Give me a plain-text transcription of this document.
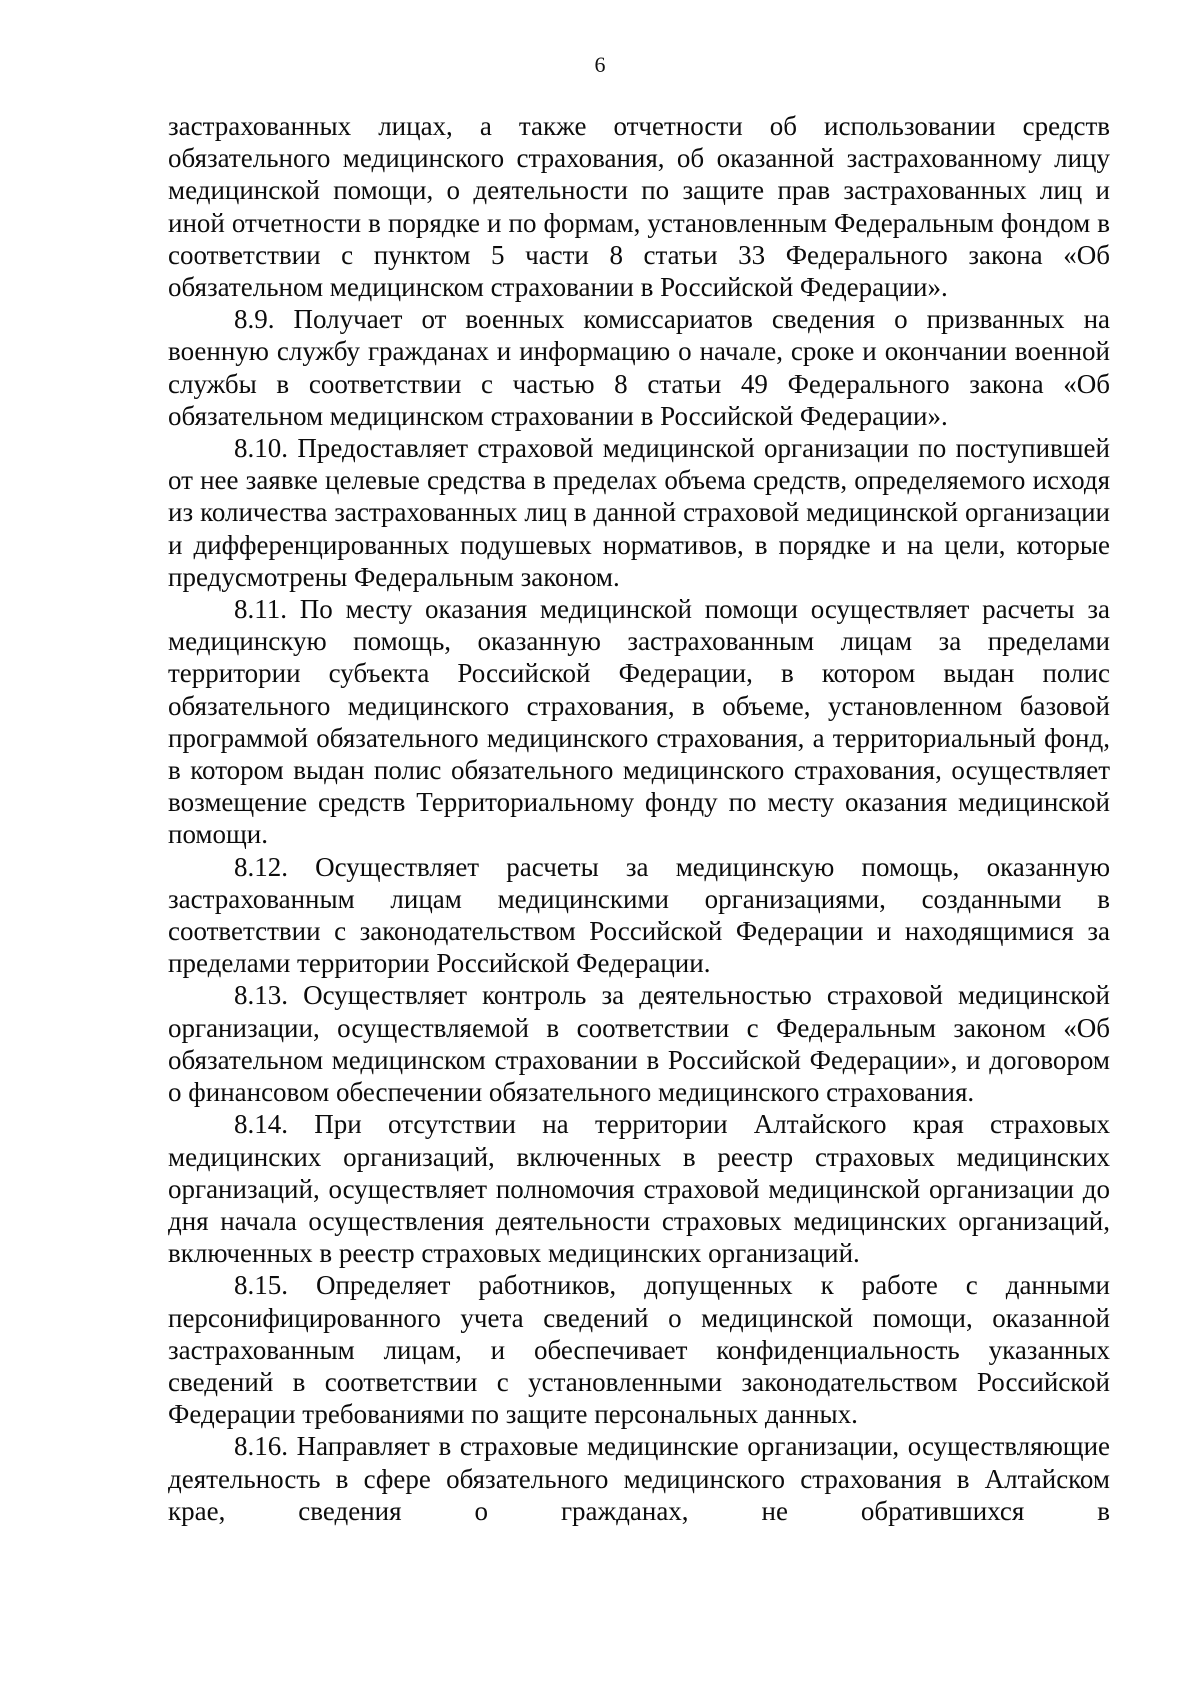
6

застрахованных лицах, а также отчетности об использовании средств обязательного медицинского страхования, об оказанной застрахованному лицу медицинской помощи, о деятельности по защите прав застрахованных лиц и иной отчетности в порядке и по формам, установленным Федеральным фондом в соответствии с пунктом 5 части 8 статьи 33 Федерального закона «Об обязательном медицинском страховании в Российской Федерации».

8.9. Получает от военных комиссариатов сведения о призванных на военную службу гражданах и информацию о начале, сроке и окончании военной службы в соответствии с частью 8 статьи 49 Федерального закона «Об обязательном медицинском страховании в Российской Федерации».

8.10. Предоставляет страховой медицинской организации по поступившей от нее заявке целевые средства в пределах объема средств, определяемого исходя из количества застрахованных лиц в данной страховой медицинской организации и дифференцированных подушевых нормативов, в порядке и на цели, которые предусмотрены Федеральным законом.

8.11. По месту оказания медицинской помощи осуществляет расчеты за медицинскую помощь, оказанную застрахованным лицам за пределами территории субъекта Российской Федерации, в котором выдан полис обязательного медицинского страхования, в объеме, установленном базовой программой обязательного медицинского страхования, а территориальный фонд, в котором выдан полис обязательного медицинского страхования, осуществляет возмещение средств Территориальному фонду по месту оказания медицинской помощи.

8.12. Осуществляет расчеты за медицинскую помощь, оказанную застрахованным лицам медицинскими организациями, созданными в соответствии с законодательством Российской Федерации и находящимися за пределами территории Российской Федерации.

8.13. Осуществляет контроль за деятельностью страховой медицинской организации, осуществляемой в соответствии с Федеральным законом «Об обязательном медицинском страховании в Российской Федерации», и договором о финансовом обеспечении обязательного медицинского страхования.

8.14. При отсутствии на территории Алтайского края страховых медицинских организаций, включенных в реестр страховых медицинских организаций, осуществляет полномочия страховой медицинской организации до дня начала осуществления деятельности страховых медицинских организаций, включенных в реестр страховых медицинских организаций.

8.15. Определяет работников, допущенных к работе с данными персонифицированного учета сведений о медицинской помощи, оказанной застрахованным лицам, и обеспечивает конфиденциальность указанных сведений в соответствии с установленными законодательством Российской Федерации требованиями по защите персональных данных.

8.16. Направляет в страховые медицинские организации, осуществляющие деятельность в сфере обязательного медицинского страхования в Алтайском крае, сведения о гражданах, не обратившихся в
